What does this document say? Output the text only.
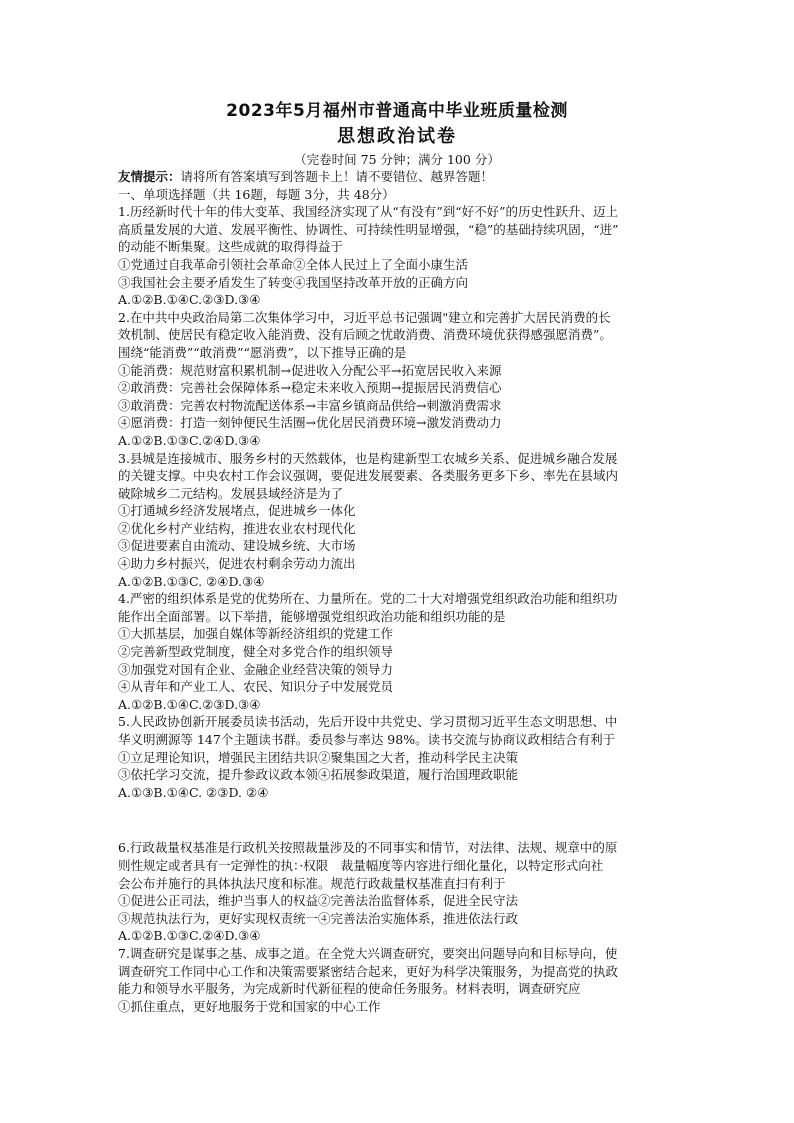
2023年5月福州市普通高中毕业班质量检测
思想政治试卷
（完卷时间 75 分钟；满分 100 分）
友情提示：请将所有答案填写到答题卡上！请不要错位、越界答题！
一、单项选择题（共 16题，每题 3分，共 48分）
1.历经新时代十年的伟大变革、我国经济实现了从“有没有”到“好不好”的历史性跃升、迈上
高质量发展的大道、发展平衡性、协调性、可持续性明显增强，“稳”的基础持续巩固，“进”
的动能不断集聚。这些成就的取得得益于
①党通过自我革命引领社会革命②全体人民过上了全面小康生活
③我国社会主要矛盾发生了转变④我国坚持改革开放的正确方向
A.①②B.①④C.②③D.③④
2.在中共中央政治局第二次集体学习中，习近平总书记强调"建立和完善扩大居民消费的长
效机制、使居民有稳定收入能消费、没有后顾之忧敢消费、消费环境优获得感强愿消费”。
围绕“能消费”“敢消费”“愿消费”，以下推导正确的是
①能消费：规范财富积累机制→促进收入分配公平→拓宽居民收入来源
②敢消费：完善社会保障体系→稳定未来收入预期→提振居民消费信心
③敢消费：完善农村物流配送体系→丰富乡镇商品供给→刺激消费需求
④愿消费：打造一刻钟便民生活圈→优化居民消费环境→激发消费动力
A.①②B.①③C.②④D.③④
3.县城是连接城市、服务乡村的天然载体，也是构建新型工农城乡关系、促进城乡融合发展
的关键支撑。中央农村工作会议强调，要促进发展要素、各类服务更多下乡、率先在县域内
破除城乡二元结构。发展县域经济是为了
①打通城乡经济发展堵点，促进城乡一体化
②优化乡村产业结构，推进农业农村现代化
③促进要素自由流动、建设城乡统、大市场
④助力乡村振兴，促进农村剩余劳动力流出
A.①②B.①③C. ②④D.③④
4.严密的组织体系是党的优势所在、力量所在。党的二十大对增强党组织政治功能和组织功
能作出全面部署。以下举措，能够增强党组织政治功能和组织功能的是
①大抓基层，加强自媒体等新经济组织的党建工作
②完善新型政党制度，健全对多党合作的组织领导
③加强党对国有企业、金融企业经营决策的领导力
④从青年和产业工人、农民、知识分子中发展党员
A.①②B.①④C.②③D.③④
5.人民政协创新开展委员读书活动，先后开设中共党史、学习贯彻习近平生态文明思想、中
华义明溯源等 147个主题读书群。委员参与率达 98%。读书交流与协商议政相结合有利于
①立足理论知识，增强民主团结共识②聚集国之大者，推动科学民主决策
③依托学习交流，提升参政议政本领④拓展参政渠道，履行治国理政职能
A.①③B.①④C. ②③D. ②④
6.行政裁量权基准是行政机关按照裁量涉及的不同事实和情节，对法律、法规、规章中的原
则性规定或者具有一定弹性的执：·权限　裁量幅度等内容进行细化量化，以特定形式向社
会公布并施行的具体执法尺度和标准。规范行政裁量权基准直扫有利于
①促进公正司法，维护当事人的权益②完善法治监督体系，促进全民守法
③规范执法行为，更好实现权责统一④完善法治实施体系，推进依法行政
A.①②B.①③C.②④D.③④
7.调查研究是谋事之基、成事之道。在全党大兴调查研究，要突出问题导向和目标导向，使
调查研究工作同中心工作和决策需要紧密结合起来，更好为科学决策服务，为提高党的执政
能力和领导水平服务，为完成新时代新征程的使命任务服务。材料表明，调查研究应
①抓住重点，更好地服务于党和国家的中心工作
